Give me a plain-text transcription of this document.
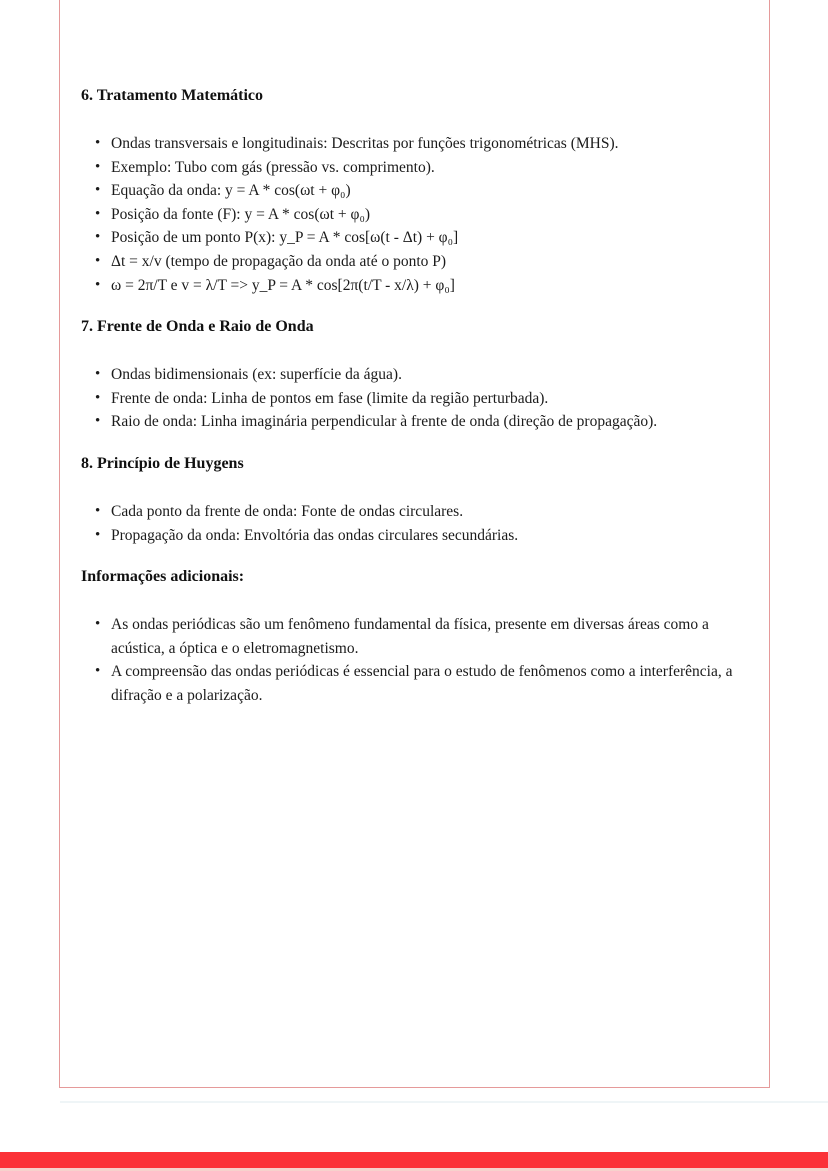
6. Tratamento Matemático
• Ondas transversais e longitudinais: Descritas por funções trigonométricas (MHS).
• Exemplo: Tubo com gás (pressão vs. comprimento).
• Equação da onda: y = A * cos(ωt + φ₀)
• Posição da fonte (F): y = A * cos(ωt + φ₀)
• Posição de um ponto P(x): y_P = A * cos[ω(t - Δt) + φ₀]
• Δt = x/v (tempo de propagação da onda até o ponto P)
• ω = 2π/T e v = λ/T => y_P = A * cos[2π(t/T - x/λ) + φ₀]
7. Frente de Onda e Raio de Onda
• Ondas bidimensionais (ex: superfície da água).
• Frente de onda: Linha de pontos em fase (limite da região perturbada).
• Raio de onda: Linha imaginária perpendicular à frente de onda (direção de propagação).
8. Princípio de Huygens
• Cada ponto da frente de onda: Fonte de ondas circulares.
• Propagação da onda: Envoltória das ondas circulares secundárias.
Informações adicionais:
• As ondas periódicas são um fenômeno fundamental da física, presente em diversas áreas como a acústica, a óptica e o eletromagnetismo.
• A compreensão das ondas periódicas é essencial para o estudo de fenômenos como a interferência, a difração e a polarização.
